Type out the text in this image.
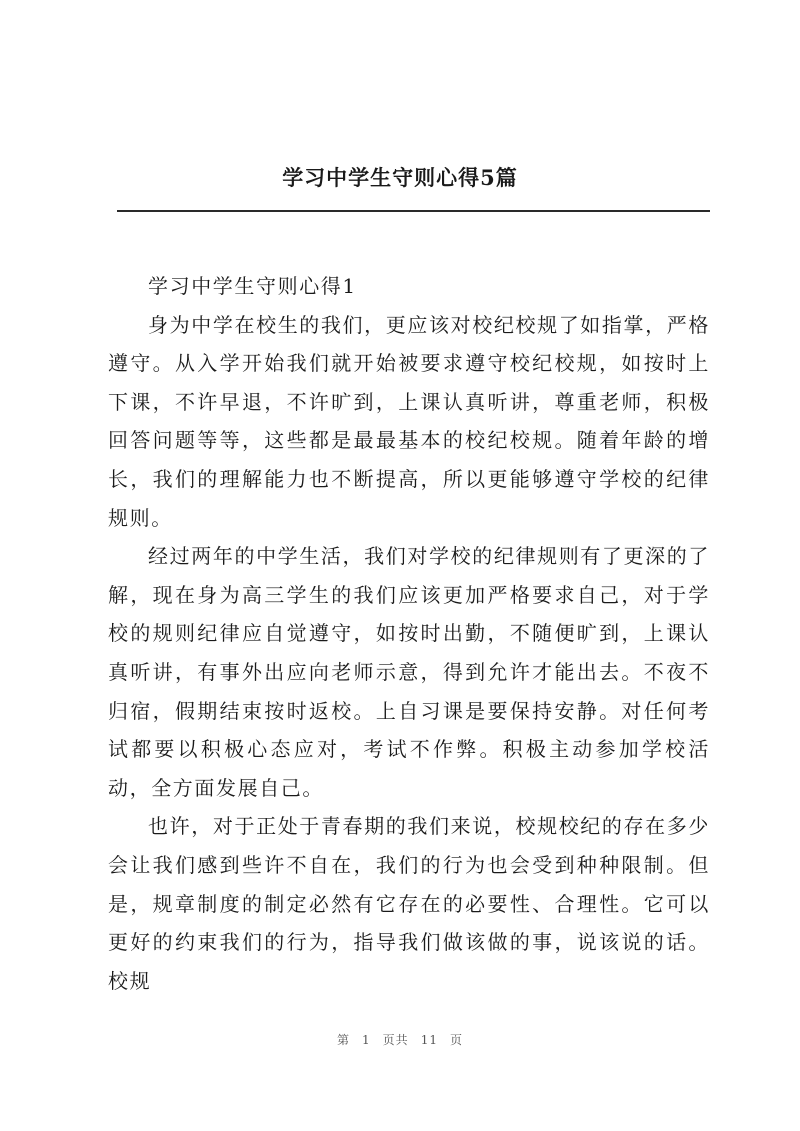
学习中学生守则心得5篇

学习中学生守则心得1

身为中学在校生的我们，更应该对校纪校规了如指掌，严格遵守。从入学开始我们就开始被要求遵守校纪校规，如按时上下课，不许早退，不许旷到，上课认真听讲，尊重老师，积极回答问题等等，这些都是最最基本的校纪校规。随着年龄的增长，我们的理解能力也不断提高，所以更能够遵守学校的纪律规则。

经过两年的中学生活，我们对学校的纪律规则有了更深的了解，现在身为高三学生的我们应该更加严格要求自己，对于学校的规则纪律应自觉遵守，如按时出勤，不随便旷到，上课认真听讲，有事外出应向老师示意，得到允许才能出去。不夜不归宿，假期结束按时返校。上自习课是要保持安静。对任何考试都要以积极心态应对，考试不作弊。积极主动参加学校活动，全方面发展自己。

也许，对于正处于青春期的我们来说，校规校纪的存在多少会让我们感到些许不自在，我们的行为也会受到种种限制。但是，规章制度的制定必然有它存在的必要性、合理性。它可以更好的约束我们的行为，指导我们做该做的事，说该说的话。校规

第 1 页共 11 页
